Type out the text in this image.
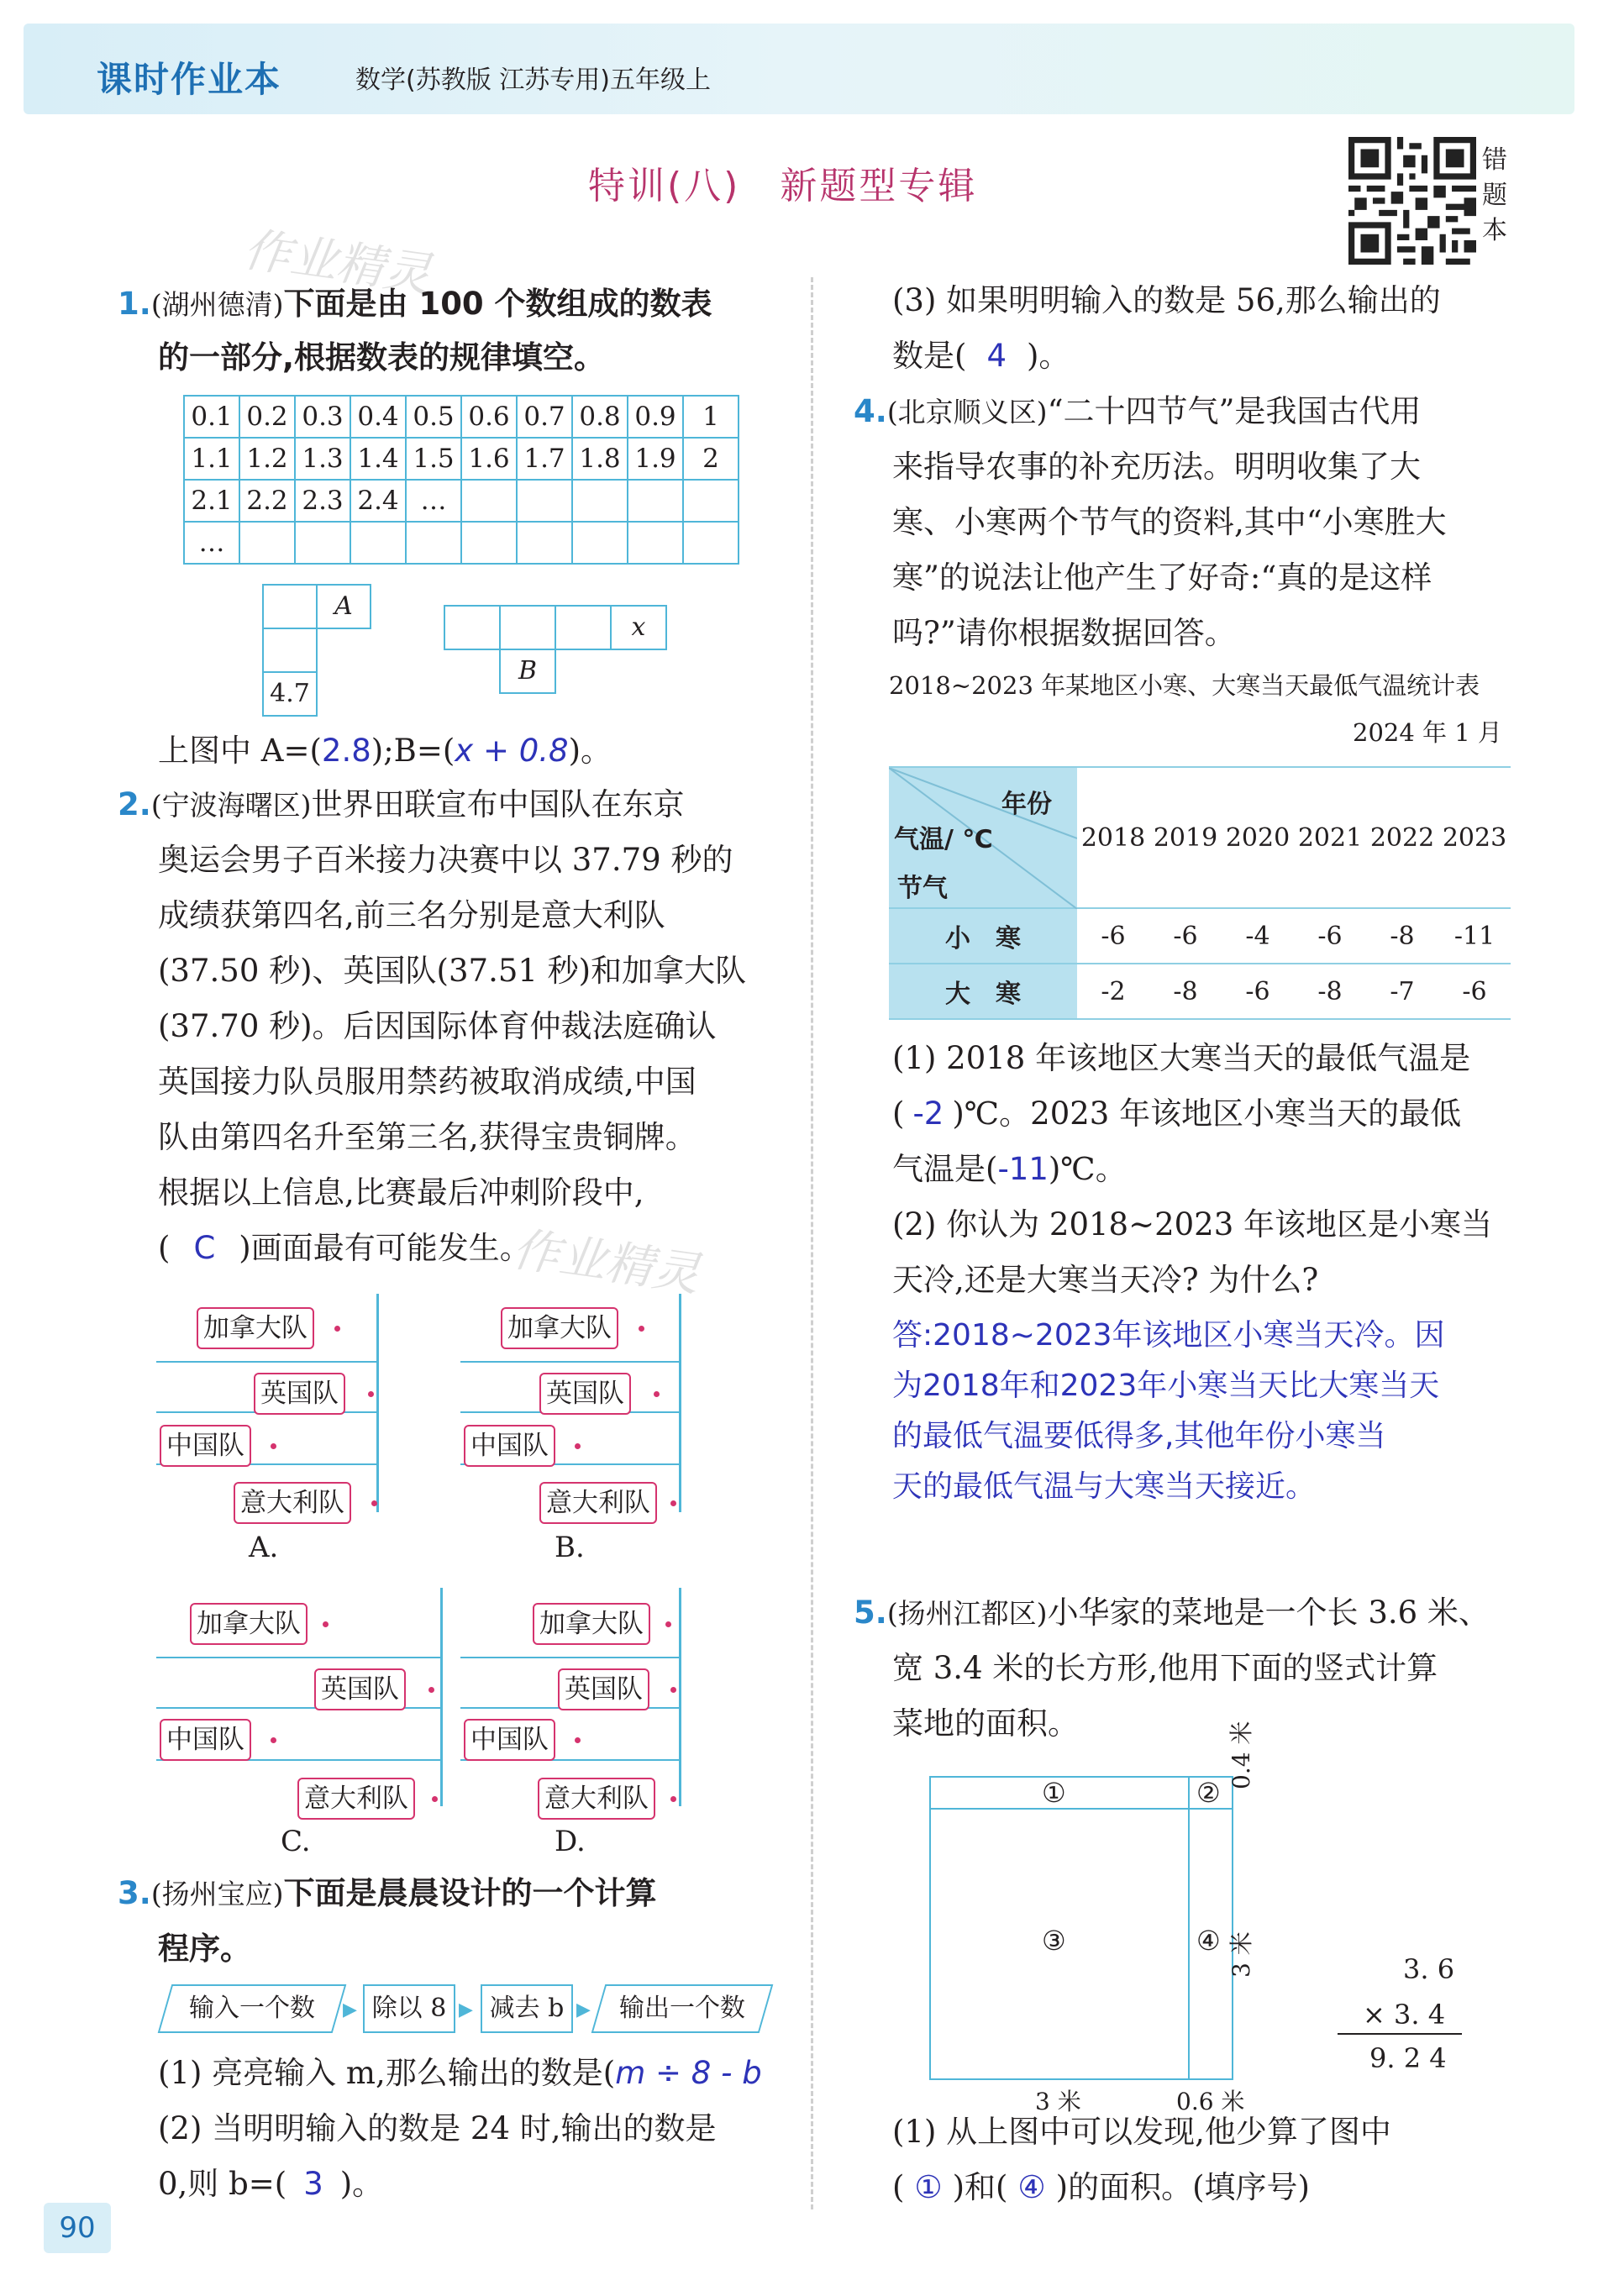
课时作业本	数学(苏教版 江苏专用)五年级上
特训(八)　新题型专辑
错
题
本
作业精灵
作业精灵
1.(湖州德清)下面是由 100 个数组成的数表
的一部分,根据数表的规律填空。
0.1	0.2	0.3	0.4	0.5	0.6	0.7	0.8	0.9	1
1.1	1.2	1.3	1.4	1.5	1.6	1.7	1.8	1.9	2
2.1	2.2	2.3	2.4	…					
…									
A
4.7
x
B
上图中 A=(2.8);B=(x + 0.8)。
2.(宁波海曙区)世界田联宣布中国队在东京
奥运会男子百米接力决赛中以 37.79 秒的
成绩获第四名,前三名分别是意大利队
(37.50 秒)、英国队(37.51 秒)和加拿大队
(37.70 秒)。后因国际体育仲裁法庭确认
英国接力队员服用禁药被取消成绩,中国
队由第四名升至第三名,获得宝贵铜牌。
根据以上信息,比赛最后冲刺阶段中,
( C )画面最有可能发生。
加拿大队
英国队
中国队
意大利队
A.
加拿大队
英国队
中国队
意大利队
B.
加拿大队
英国队
中国队
意大利队
C.
加拿大队
英国队
中国队
意大利队
D.
3.(扬州宝应)下面是晨晨设计的一个计算
程序。
输入一个数	▶ 除以 8 ▶ 减去 b ▶	输出一个数
(1) 亮亮输入 m,那么输出的数是(m ÷ 8 - b
(2) 当明明输入的数是 24 时,输出的数是
0,则 b=( 3 )。
(3) 如果明明输入的数是 56,那么输出的
数是( 4 )。
4.(北京顺义区)“二十四节气”是我国古代用
来指导农事的补充历法。明明收集了大
寒、小寒两个节气的资料,其中“小寒胜大
寒”的说法让他产生了好奇:“真的是这样
吗?”请你根据数据回答。
2018~2023 年某地区小寒、大寒当天最低气温统计表
2024 年 1 月
年份
气温/ ℃
节气	2018	2019	2020	2021	2022	2023
小　寒	-6	-6	-4	-6	-8	-11
大　寒	-2	-8	-6	-8	-7	-6
(1) 2018 年该地区大寒当天的最低气温是
( -2 )℃。2023 年该地区小寒当天的最低
气温是(-11)℃。
(2) 你认为 2018~2023 年该地区是小寒当
天冷,还是大寒当天冷? 为什么?
答:2018~2023年该地区小寒当天冷。因
为2018年和2023年小寒当天比大寒当天
的最低气温要低得多,其他年份小寒当
天的最低气温与大寒当天接近。
5.(扬州江都区)小华家的菜地是一个长 3.6 米、
宽 3.4 米的长方形,他用下面的竖式计算
菜地的面积。
①	②
③	④
0.4 米
3 米
3 米	0.6 米
3. 6
× 3. 4
9. 2 4
(1) 从上图中可以发现,他少算了图中
( ① )和( ④ )的面积。(填序号)
90
